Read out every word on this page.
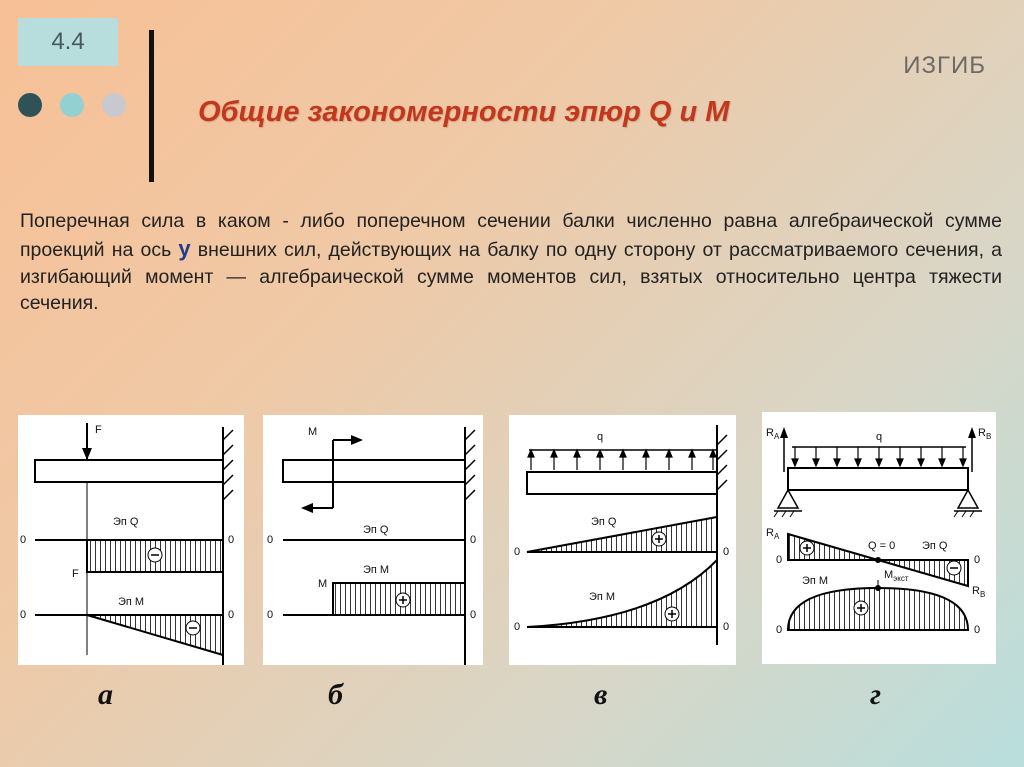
4.4
ИЗГИБ
Общие закономерности эпюр Q и M
Поперечная сила в каком - либо поперечном сечении балки численно равна алгебраической сумме проекций на ось y внешних сил, действующих на балку по одну сторону от рассматриваемого сечения, а изгибающий момент — алгебраической сумме моментов сил, взятых относительно центра тяжести сечения.
F
Эп Q
0	0
F
Эп M
0	0
M
Эп Q
0	0
Эп M
M
0	0
q
Эп Q
0	0
Эп M
0	0
$R_A$	$R_B$
q
$R_A$
$R_B$
Q = 0 Эп Q
0	0
Эп M	$M_{экст}$
0	0
а	б	в	г
